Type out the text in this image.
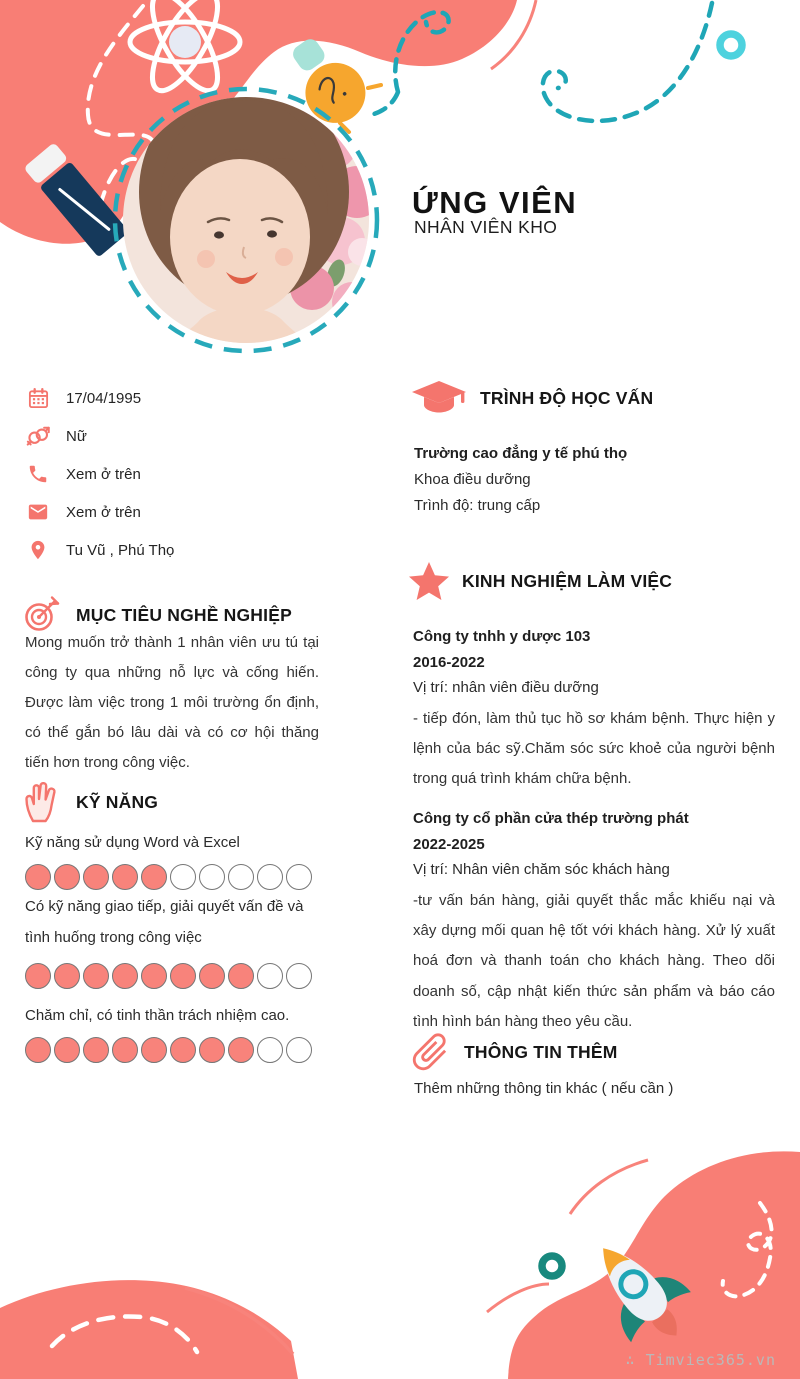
ỨNG VIÊN
NHÂN VIÊN KHO
17/04/1995
Nữ
Xem ở trên
Xem ở trên
Tu Vũ , Phú Thọ
MỤC TIÊU NGHỀ NGHIỆP

Mong muốn trở thành 1 nhân viên ưu tú tại công ty qua những nỗ lực và cống hiến. Được làm việc trong 1 môi trường ổn định, có thể gắn bó lâu dài và có cơ hội thăng tiến hơn trong công việc.

KỸ NĂNG
Kỹ năng sử dụng Word và Excel
Có kỹ năng giao tiếp, giải quyết vấn đề và tình huống trong công việc
Chăm chỉ, có tinh thần trách nhiệm cao.
TRÌNH ĐỘ HỌC VẤN
Trường cao đẳng y tế phú thọ
Khoa điều dưỡng
Trình độ: trung cấp
KINH NGHIỆM LÀM VIỆC
Công ty tnhh y dược 103
2016-2022
Vị trí: nhân viên điều dưỡng

- tiếp đón, làm thủ tục hồ sơ khám bệnh. Thực hiện y lệnh của bác sỹ.Chăm sóc sức khoẻ của người bệnh trong quá trình khám chữa bệnh.

Công ty cổ phần cửa thép trường phát
2022-2025
Vị trí: Nhân viên chăm sóc khách hàng

-tư vấn bán hàng, giải quyết thắc mắc khiếu nại và xây dựng mối quan hệ tốt với khách hàng. Xử lý xuất hoá đơn và thanh toán cho khách hàng. Theo dõi doanh số, cập nhật kiến thức sản phẩm và báo cáo tình hình bán hàng theo yêu cầu.

THÔNG TIN THÊM
Thêm những thông tin khác ( nếu cần )
∴ Timviec365.vn
